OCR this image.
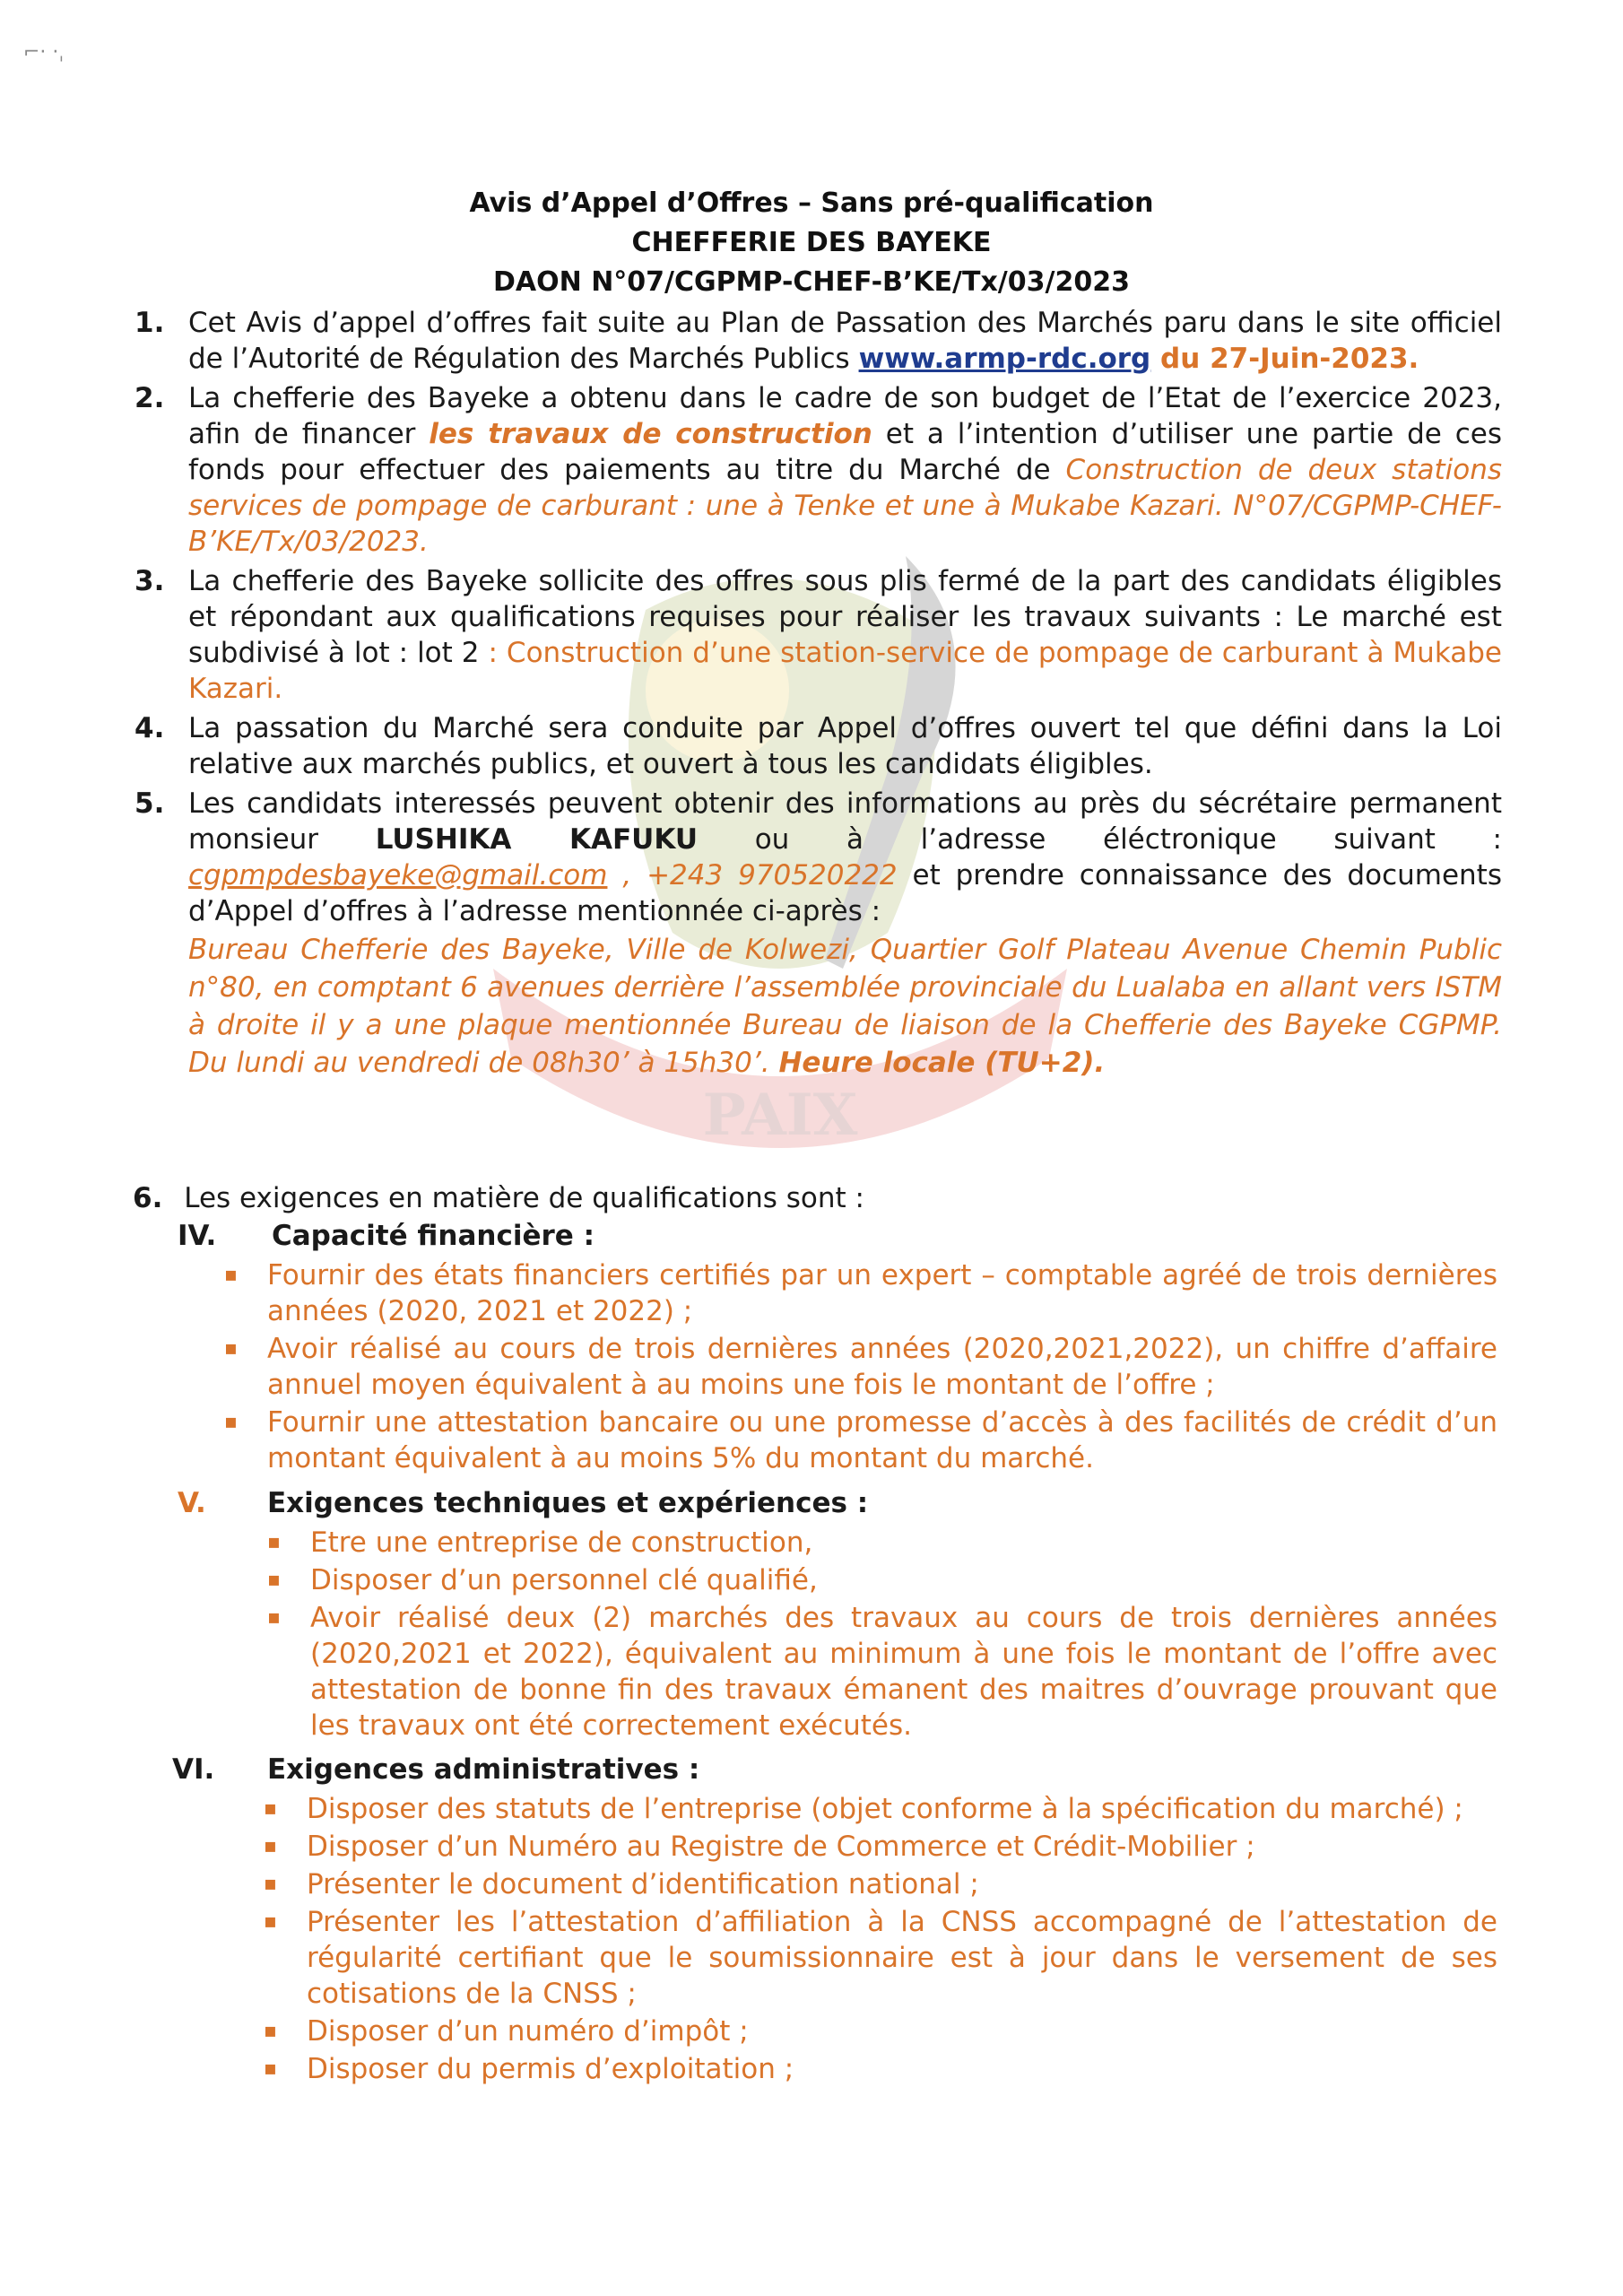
⌐· ·ˌ
PAIX
Avis d’Appel d’Offres – Sans pré-qualification
CHEFFERIE DES BAYEKE
DAON N°07/CGPMP-CHEF-B’KE/Tx/03/2023
1. Cet Avis d’appel d’offres fait suite au Plan de Passation des Marchés paru dans le site officiel de l’Autorité de Régulation des Marchés Publics www.armp-rdc.org du 27-Juin-2023.
2. La chefferie des Bayeke a obtenu dans le cadre de son budget de l’Etat de l’exercice 2023, afin de financer les travaux de construction et a l’intention d’utiliser une partie de ces fonds pour effectuer des paiements au titre du Marché de Construction de deux stations services de pompage de carburant : une à Tenke et une à Mukabe Kazari. N°07/CGPMP-CHEF-B’KE/Tx/03/2023.
3. La chefferie des Bayeke sollicite des offres sous plis fermé de la part des candidats éligibles et répondant aux qualifications requises pour réaliser les travaux suivants : Le marché est subdivisé à lot : lot 2 : Construction d’une station-service de pompage de carburant à Mukabe Kazari.
4. La passation du Marché sera conduite par Appel d’offres ouvert tel que défini dans la Loi relative aux marchés publics, et ouvert à tous les candidats éligibles.
5. Les candidats interessés peuvent obtenir des informations au près du sécrétaire permanent monsieur LUSHIKA KAFUKU ou à l’adresse éléctronique suivant : cgpmpdesbayeke@gmail.com , +243 970520222 et prendre connaissance des documents d’Appel d’offres à l’adresse mentionnée ci-après :
Bureau Chefferie des Bayeke, Ville de Kolwezi, Quartier Golf Plateau Avenue Chemin Public n°80, en comptant 6 avenues derrière l’assemblée provinciale du Lualaba en allant vers ISTM à droite il y a une plaque mentionnée Bureau de liaison de la Chefferie des Bayeke CGPMP. Du lundi au vendredi de 08h30’ à 15h30’. Heure locale (TU+2).
6. Les exigences en matière de qualifications sont :
IV. Capacité financière :
▪ Fournir des états financiers certifiés par un expert – comptable agréé de trois dernières années (2020, 2021 et 2022) ;
▪ Avoir réalisé au cours de trois dernières années (2020,2021,2022), un chiffre d’affaire annuel moyen équivalent à au moins une fois le montant de l’offre ;
▪ Fournir une attestation bancaire ou une promesse d’accès à des facilités de crédit d’un montant équivalent à au moins 5% du montant du marché.
V. Exigences techniques et expériences :
▪ Etre une entreprise de construction,
▪ Disposer d’un personnel clé qualifié,
▪ Avoir réalisé deux (2) marchés des travaux au cours de trois dernières années (2020,2021 et 2022), équivalent au minimum à une fois le montant de l’offre avec attestation de bonne fin des travaux émanent des maitres d’ouvrage prouvant que les travaux ont été correctement exécutés.
VI. Exigences administratives :
▪ Disposer des statuts de l’entreprise (objet conforme à la spécification du marché) ;
▪ Disposer d’un Numéro au Registre de Commerce et Crédit-Mobilier ;
▪ Présenter le document d’identification national ;
▪ Présenter les l’attestation d’affiliation à la CNSS accompagné de l’attestation de régularité certifiant que le soumissionnaire est à jour dans le versement de ses cotisations de la CNSS ;
▪ Disposer d’un numéro d’impôt ;
▪ Disposer du permis d’exploitation ;
